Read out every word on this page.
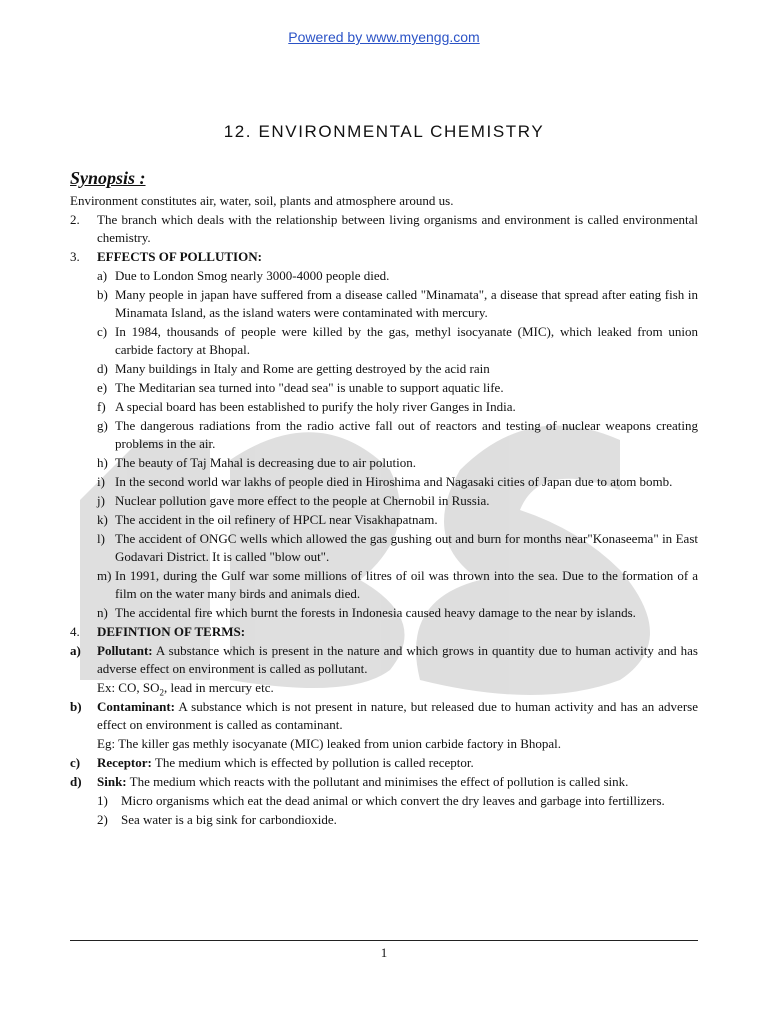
Powered by www.myengg.com
12. ENVIRONMENTAL CHEMISTRY
Synopsis :

Environment constitutes air, water, soil, plants and atmosphere around us.

2.	The branch which deals with the relationship between living organisms and environment is called environmental chemistry.
3.	EFFECTS OF POLLUTION:
a) Due to London Smog nearly 3000-4000 people died.
b) Many people in japan have suffered from a disease called "Minamata", a disease that spread after eating fish in Minamata Island, as the island waters were contaminated with mercury.
c) In 1984, thousands of people were killed by the gas, methyl isocyanate (MIC), which leaked from union carbide factory at Bhopal.
d) Many buildings in Italy and Rome are getting destroyed by the acid rain
e) The Meditarian sea turned into "dead sea" is unable to support aquatic life.
f) A special board has been established to purify the holy river Ganges in India.
g) The dangerous radiations from the radio active fall out of reactors and testing of nuclear weapons creating problems in the air.
h) The beauty of Taj Mahal is decreasing due to air polution.
i) In the second world war lakhs of people died in Hiroshima and Nagasaki cities of Japan due to atom bomb.
j) Nuclear pollution gave more effect to the people at Chernobil in Russia.
k) The accident in the oil refinery of HPCL near Visakhapatnam.
l) The accident of ONGC wells which allowed the gas gushing out and burn for months near"Konaseema" in East Godavari District. It is called "blow out".
m) In 1991, during the Gulf war some millions of litres of oil was thrown into the sea. Due to the formation of a film on the water many birds and animals died.
n) The accidental fire which burnt the forests in Indonesia caused heavy damage to the near by islands.
4.	DEFINTION OF TERMS:
a)	Pollutant: A substance which is present in the nature and which grows in quantity due to human activity and has adverse effect on environment is called as pollutant.
Ex: CO, $SO_2$, lead in mercury etc.
b)	Contaminant: A substance which is not present in nature, but released due to human activity and has an adverse effect on environment is called as contaminant.
Eg: The killer gas methly isocyanate (MIC) leaked from union carbide factory in Bhopal.
c)	Receptor: The medium which is effected by pollution is called receptor.
d)	Sink: The medium which reacts with the pollutant and minimises the effect of pollution is called sink.
1)	Micro organisms which eat the dead animal or which convert the dry leaves and garbage into fertillizers.
2)	Sea water is a big sink for carbondioxide.
1
